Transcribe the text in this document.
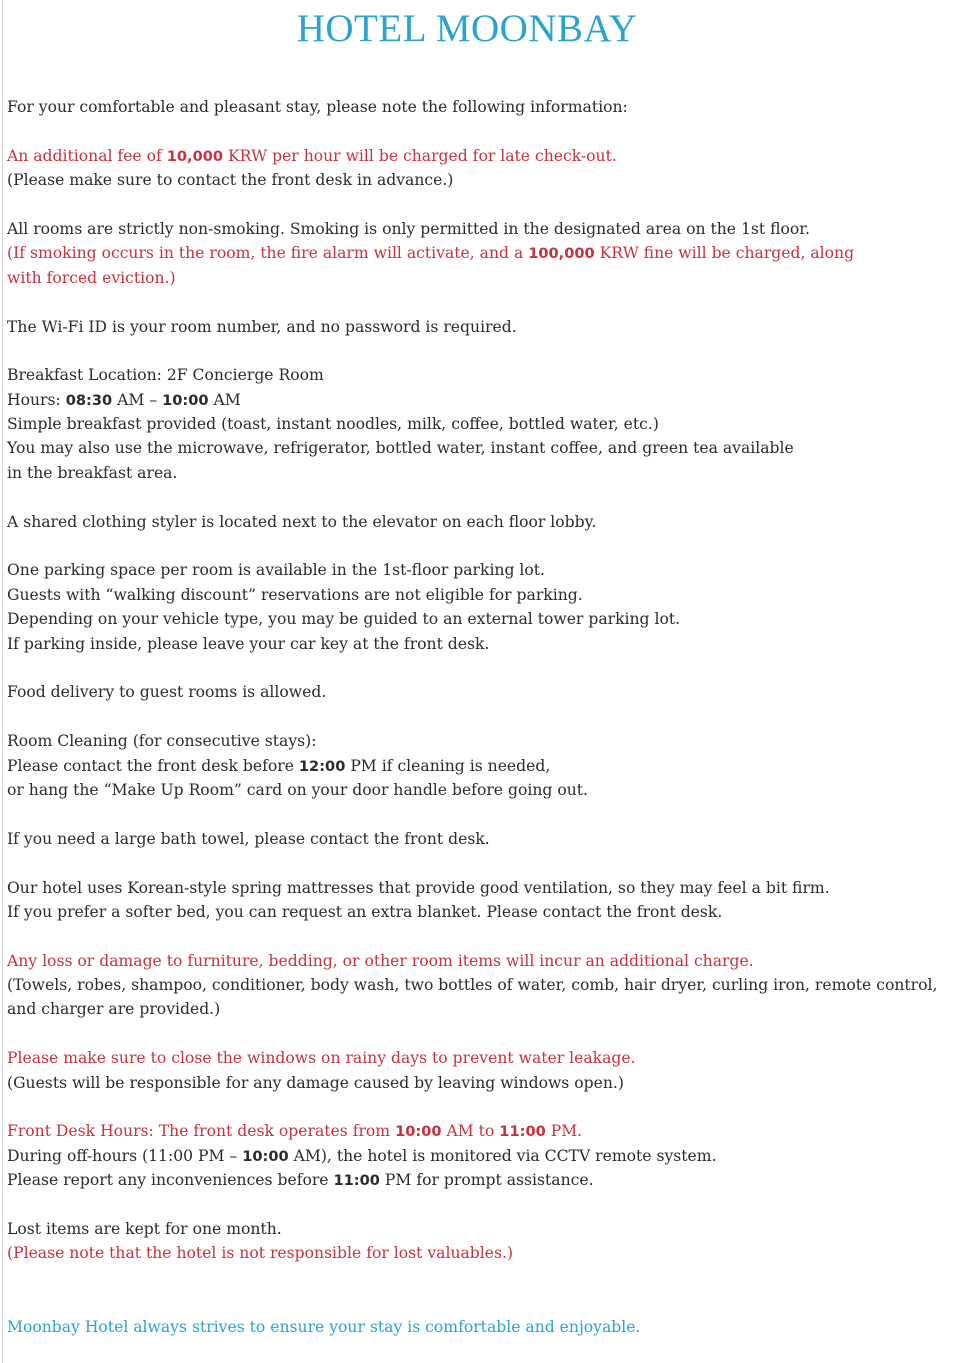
HOTEL MOONBAY
For your comfortable and pleasant stay, please note the following information:
An additional fee of 10,000 KRW per hour will be charged for late check-out.
(Please make sure to contact the front desk in advance.)
All rooms are strictly non-smoking. Smoking is only permitted in the designated area on the 1st floor.
(If smoking occurs in the room, the fire alarm will activate, and a 100,000 KRW fine will be charged, along
with forced eviction.)
The Wi-Fi ID is your room number, and no password is required.
Breakfast Location: 2F Concierge Room
Hours: 08:30 AM – 10:00 AM
Simple breakfast provided (toast, instant noodles, milk, coffee, bottled water, etc.)
You may also use the microwave, refrigerator, bottled water, instant coffee, and green tea available
in the breakfast area.
A shared clothing styler is located next to the elevator on each floor lobby.
One parking space per room is available in the 1st-floor parking lot.
Guests with “walking discount” reservations are not eligible for parking.
Depending on your vehicle type, you may be guided to an external tower parking lot.
If parking inside, please leave your car key at the front desk.
Food delivery to guest rooms is allowed.
Room Cleaning (for consecutive stays):
Please contact the front desk before 12:00 PM if cleaning is needed,
or hang the “Make Up Room” card on your door handle before going out.
If you need a large bath towel, please contact the front desk.
Our hotel uses Korean-style spring mattresses that provide good ventilation, so they may feel a bit firm.
If you prefer a softer bed, you can request an extra blanket. Please contact the front desk.
Any loss or damage to furniture, bedding, or other room items will incur an additional charge.
(Towels, robes, shampoo, conditioner, body wash, two bottles of water, comb, hair dryer, curling iron, remote control,
and charger are provided.)
Please make sure to close the windows on rainy days to prevent water leakage.
(Guests will be responsible for any damage caused by leaving windows open.)
Front Desk Hours: The front desk operates from 10:00 AM to 11:00 PM.
During off-hours (11:00 PM – 10:00 AM), the hotel is monitored via CCTV remote system.
Please report any inconveniences before 11:00 PM for prompt assistance.
Lost items are kept for one month.
(Please note that the hotel is not responsible for lost valuables.)
Moonbay Hotel always strives to ensure your stay is comfortable and enjoyable.
